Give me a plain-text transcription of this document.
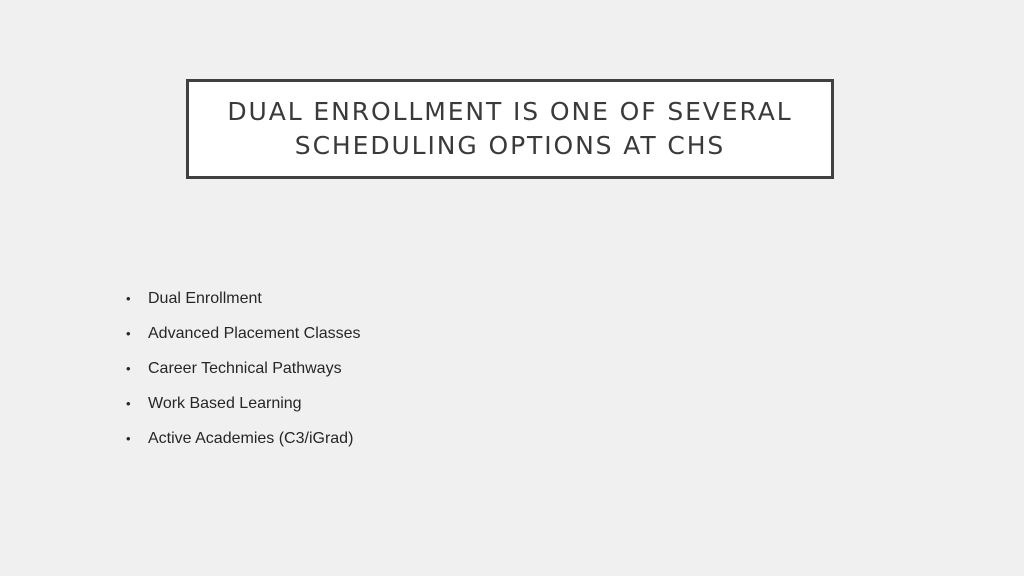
DUAL ENROLLMENT IS ONE OF SEVERAL
SCHEDULING OPTIONS AT CHS
•	Dual Enrollment
•	Advanced Placement Classes
•	Career Technical Pathways
•	Work Based Learning
•	Active Academies (C3/iGrad)
